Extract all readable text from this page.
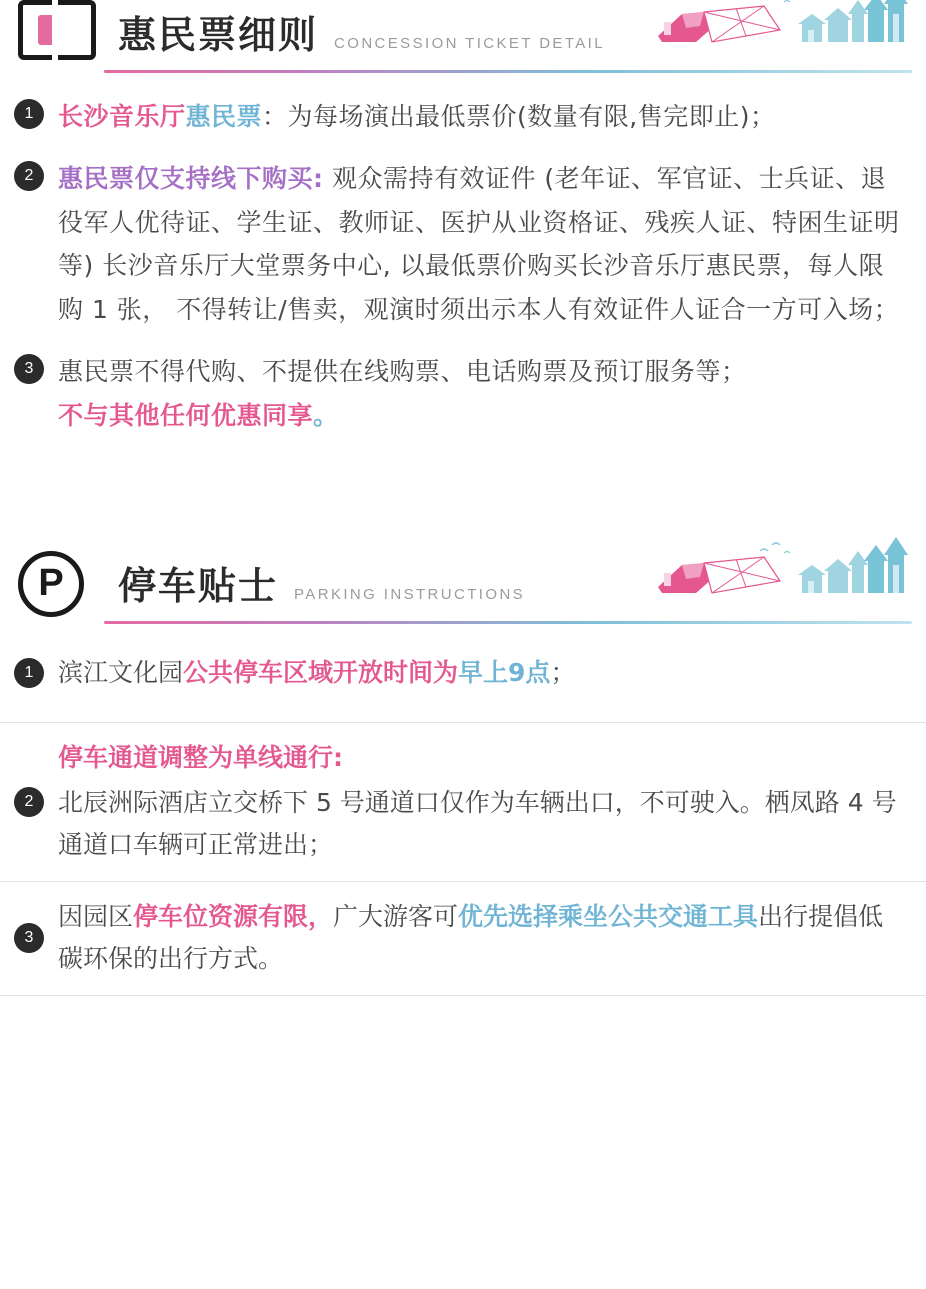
惠民票细则 CONCESSION TICKET DETAIL
1 长沙音乐厅惠民票：为每场演出最低票价(数量有限,售完即止)；
2 惠民票仅支持线下购买: 观众需持有效证件 (老年证、军官证、士兵证、退役军人优待证、学生证、教师证、医护从业资格证、残疾人证、特困生证明等) 长沙音乐厅大堂票务中心, 以最低票价购买长沙音乐厅惠民票，每人限购 1 张， 不得转让/售卖，观演时须出示本人有效证件人证合一方可入场；
3 惠民票不得代购、不提供在线购票、电话购票及预订服务等；
不与其他任何优惠同享。
P	停车贴士 PARKING INSTRUCTIONS
1 滨江文化园公共停车区域开放时间为早上9点；
2
停车通道调整为单线通行:
北辰洲际酒店立交桥下 5 号通道口仅作为车辆出口，不可驶入。栖凤路 4 号通道口车辆可正常进出；
3
因园区停车位资源有限，广大游客可优先选择乘坐公共交通工具出行提倡低碳环保的出行方式。
